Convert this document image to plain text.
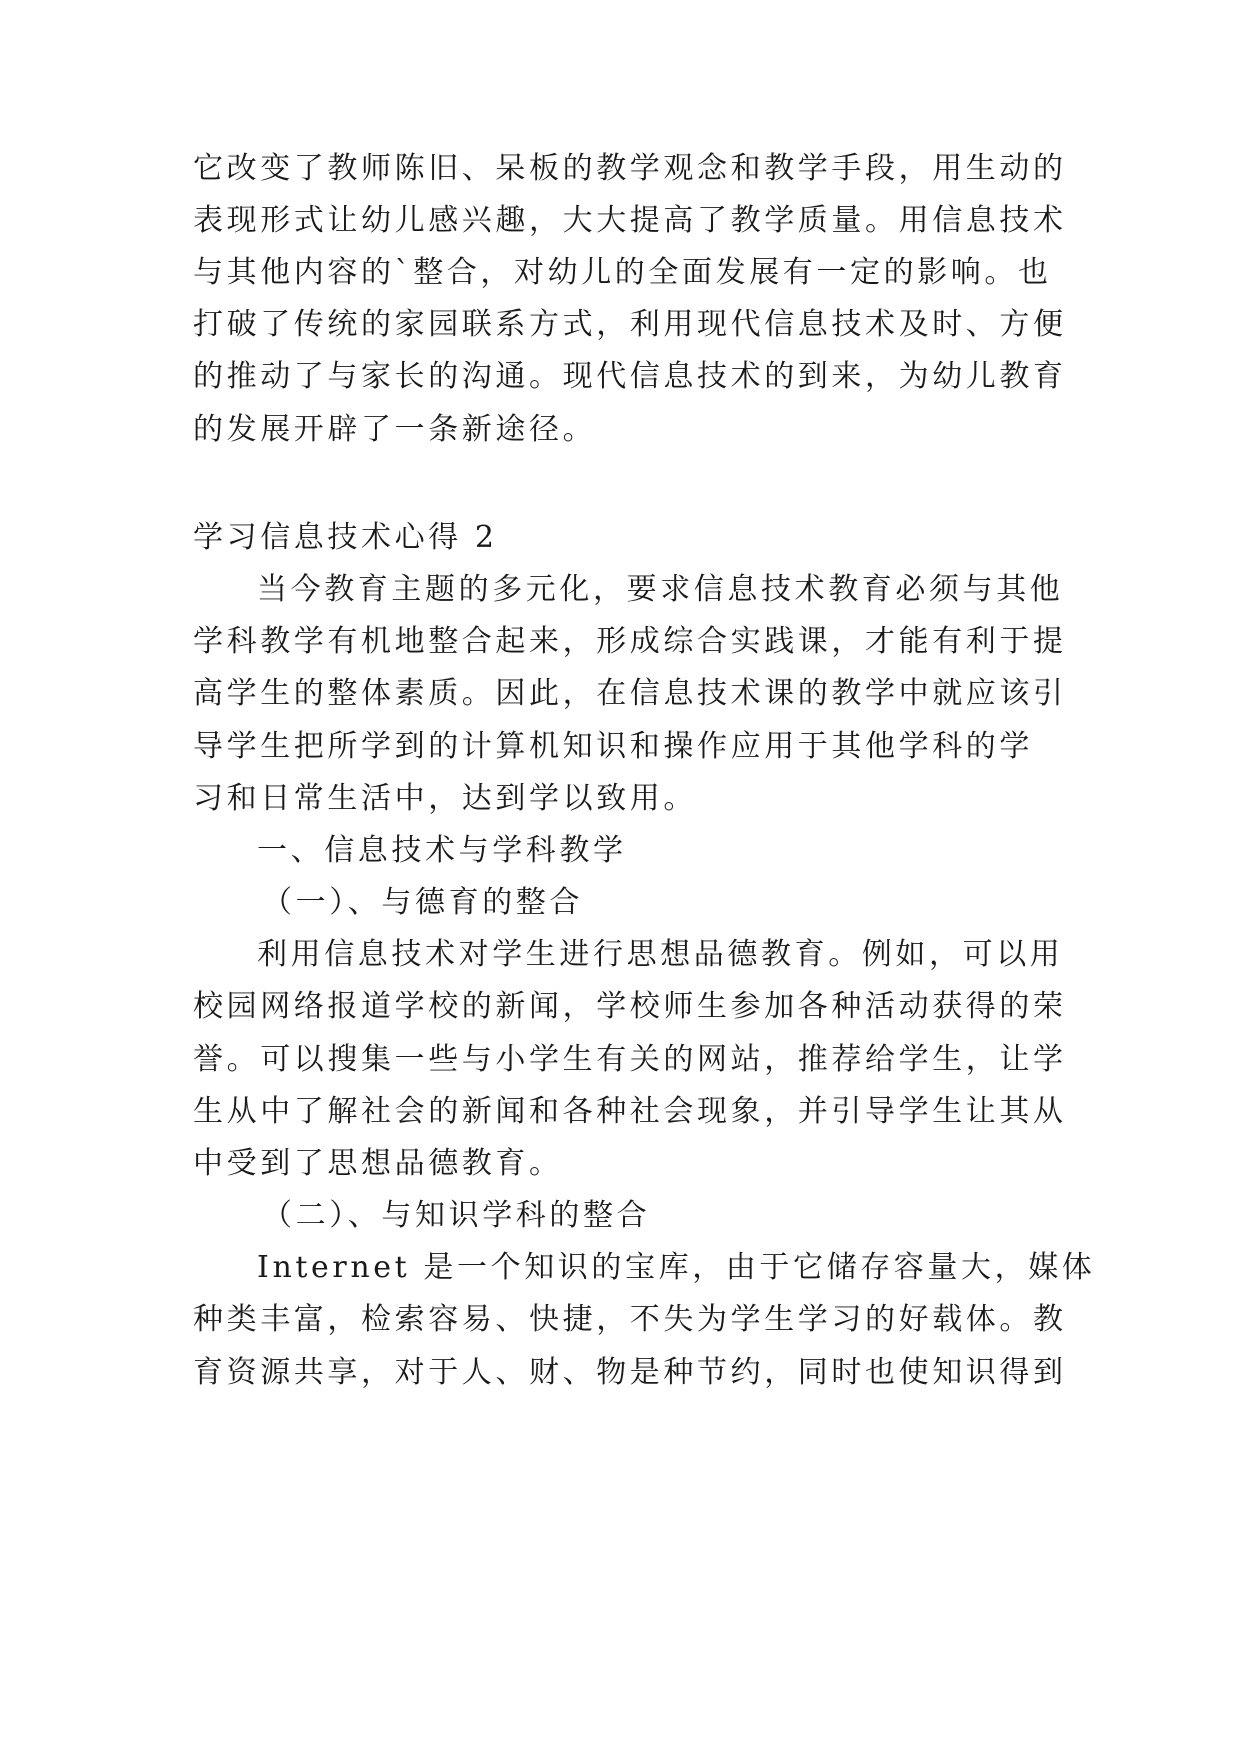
它改变了教师陈旧、呆板的教学观念和教学手段，用生动的
表现形式让幼儿感兴趣，大大提高了教学质量。用信息技术
与其他内容的`整合，对幼儿的全面发展有一定的影响。也
打破了传统的家园联系方式，利用现代信息技术及时、方便
的推动了与家长的沟通。现代信息技术的到来，为幼儿教育
的发展开辟了一条新途径。
学习信息技术心得 2
当今教育主题的多元化，要求信息技术教育必须与其他
学科教学有机地整合起来，形成综合实践课，才能有利于提
高学生的整体素质。因此，在信息技术课的教学中就应该引
导学生把所学到的计算机知识和操作应用于其他学科的学
习和日常生活中，达到学以致用。
一、信息技术与学科教学
（一）、与德育的整合
利用信息技术对学生进行思想品德教育。例如，可以用
校园网络报道学校的新闻，学校师生参加各种活动获得的荣
誉。可以搜集一些与小学生有关的网站，推荐给学生，让学
生从中了解社会的新闻和各种社会现象，并引导学生让其从
中受到了思想品德教育。
（二）、与知识学科的整合
Internet 是一个知识的宝库，由于它储存容量大，媒体
种类丰富，检索容易、快捷，不失为学生学习的好载体。教
育资源共享，对于人、财、物是种节约，同时也使知识得到
